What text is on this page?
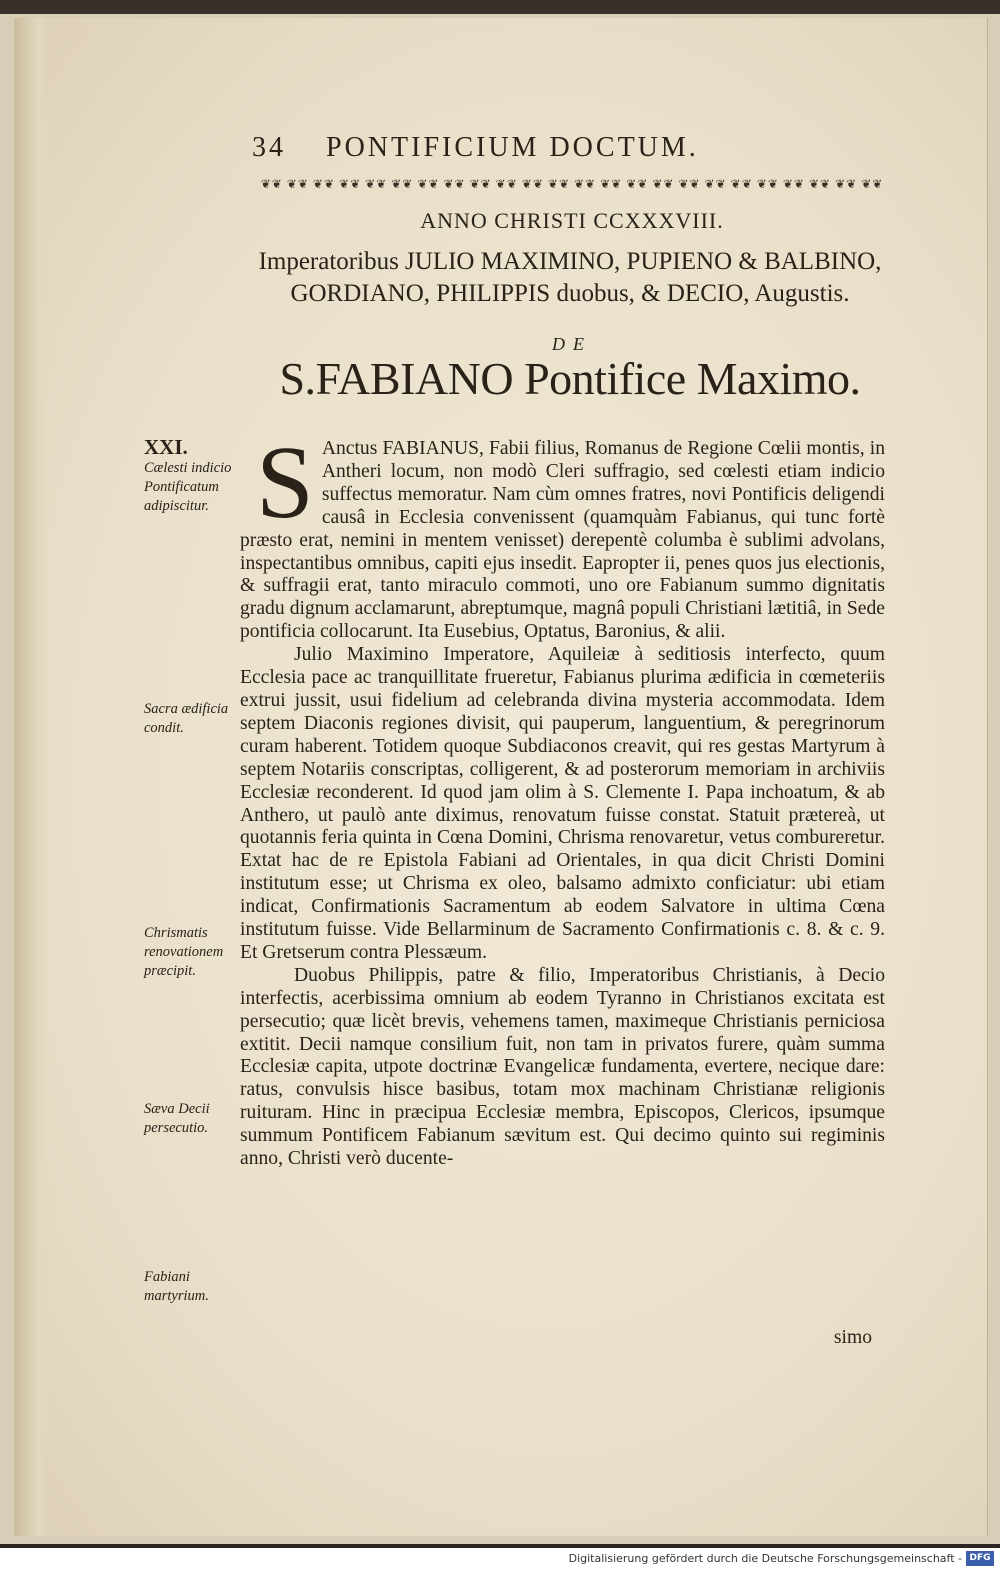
34 PONTIFICIUM DOCTUM.
❦❦ ❦❦ ❦❦ ❦❦ ❦❦ ❦❦ ❦❦ ❦❦ ❦❦ ❦❦ ❦❦ ❦❦ ❦❦ ❦❦ ❦❦ ❦❦ ❦❦ ❦❦ ❦❦ ❦❦ ❦❦ ❦❦ ❦❦ ❦❦
ANNO CHRISTI CCXXXVIII.
Imperatoribus JULIO MAXIMINO, PUPIENO & BALBINO, GORDIANO, PHILIPPIS duobus, & DECIO, Augustis.
DE
S.FABIANO Pontifice Maximo.
XXI.
Cælesti indicio Pontificatum adipiscitur.
Sacra ædificia condit.
Chrismatis renovationem præcipit.
Sæva Decii persecutio.
Fabiani martyrium.

S Anctus FABIANUS, Fabii filius, Romanus de Regione Cœlii montis, in Antheri locum, non modò Cleri suffragio, sed cœlesti etiam indicio suffectus memoratur. Nam cùm omnes fratres, novi Pontificis deligendi causâ in Ecclesia convenissent (quamquàm Fabianus, qui tunc fortè præsto erat, nemini in mentem venisset) derepentè columba è sublimi advolans, inspectantibus omnibus, capiti ejus insedit. Eapropter ii, penes quos jus electionis, & suffragii erat, tanto miraculo commoti, uno ore Fabianum summo dignitatis gradu dignum acclamarunt, abreptumque, magnâ populi Christiani lætitiâ, in Sede pontificia collocarunt. Ita Eusebius, Optatus, Baronius, & alii.

Julio Maximino Imperatore, Aquileiæ à seditiosis interfecto, quum Ecclesia pace ac tranquillitate frueretur, Fabianus plurima ædificia in cœmeteriis extrui jussit, usui fidelium ad celebranda divina mysteria accommodata. Idem septem Diaconis regiones divisit, qui pauperum, languentium, & peregrinorum curam haberent. Totidem quoque Subdiaconos creavit, qui res gestas Martyrum à septem Notariis conscriptas, colligerent, & ad posterorum memoriam in archiviis Ecclesiæ reconderent. Id quod jam olim à S. Clemente I. Papa inchoatum, & ab Anthero, ut paulò ante diximus, renovatum fuisse constat. Statuit prætereà, ut quotannis feria quinta in Cœna Domini, Chrisma renovaretur, vetus combureretur. Extat hac de re Epistola Fabiani ad Orientales, in qua dicit Christi Domini institutum esse; ut Chrisma ex oleo, balsamo admixto conficiatur: ubi etiam indicat, Confirmationis Sacramentum ab eodem Salvatore in ultima Cœna institutum fuisse. Vide Bellarminum de Sacramento Confirmationis c. 8. & c. 9. Et Gretserum contra Plessæum.

Duobus Philippis, patre & filio, Imperatoribus Christianis, à Decio interfectis, acerbissima omnium ab eodem Tyranno in Christianos excitata est persecutio; quæ licèt brevis, vehemens tamen, maximeque Christianis perniciosa extitit. Decii namque consilium fuit, non tam in privatos furere, quàm summa Ecclesiæ capita, utpote doctrinæ Evangelicæ fundamenta, evertere, necique dare: ratus, convulsis hisce basibus, totam mox machinam Christianæ religionis ruituram. Hinc in præcipua Ecclesiæ membra, Episcopos, Clericos, ipsumque summum Pontificem Fabianum sævitum est. Qui decimo quinto sui regiminis anno, Christi verò ducente-

simo
Digitalisierung gefördert durch die Deutsche Forschungsgemeinschaft - DFG
